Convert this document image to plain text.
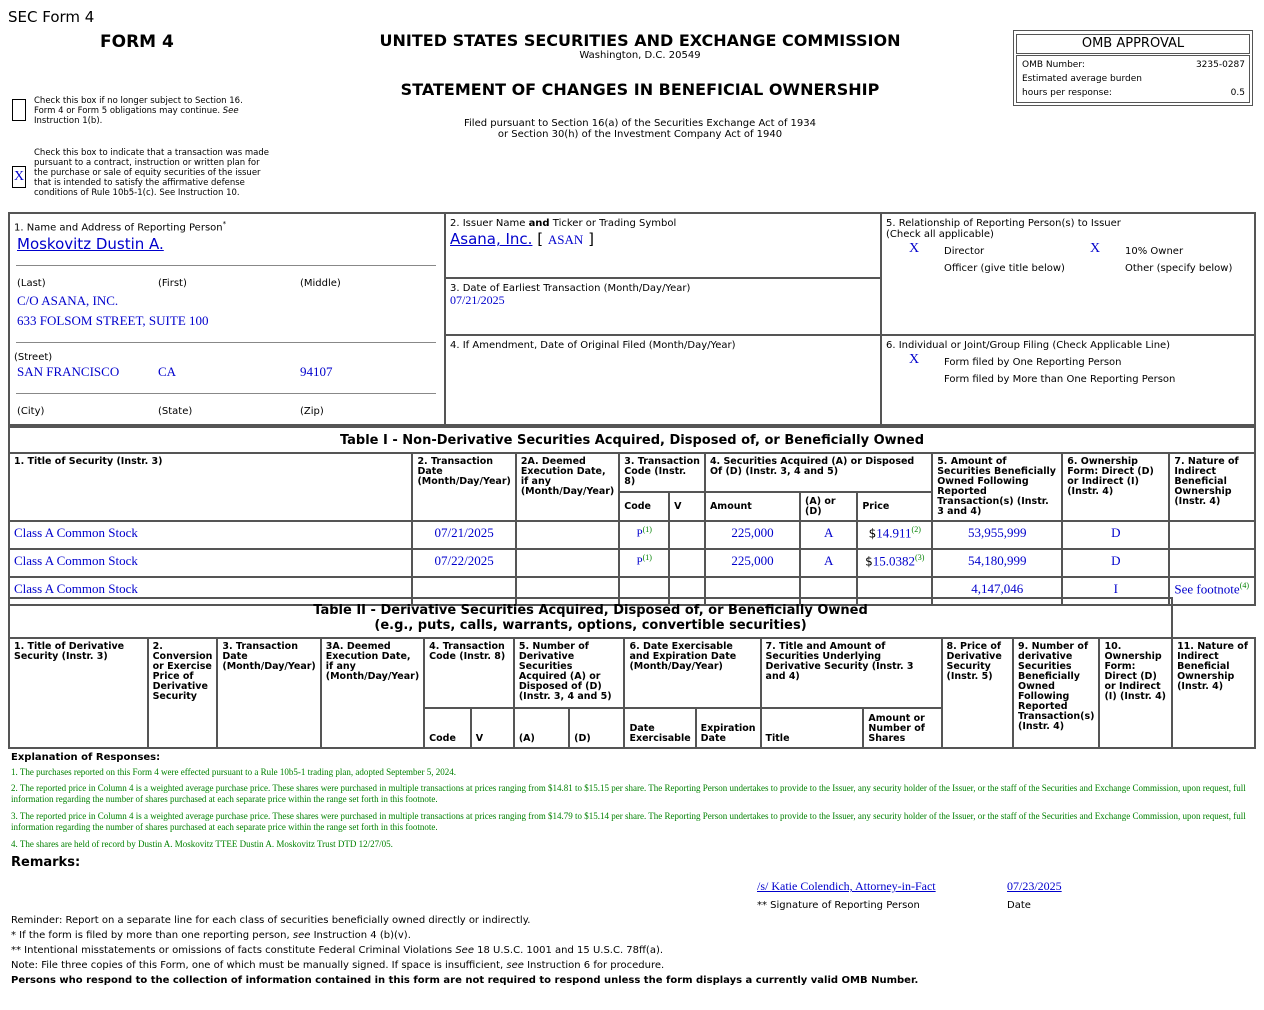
SEC Form 4
FORM 4	UNITED STATES SECURITIES AND EXCHANGE COMMISSION
Washington, D.C. 20549
STATEMENT OF CHANGES IN BENEFICIAL OWNERSHIP
Filed pursuant to Section 16(a) of the Securities Exchange Act of 1934
or Section 30(h) of the Investment Company Act of 1940
OMB APPROVAL
OMB Number:	3235-0287
Estimated average burden
hours per response:	0.5
Check this box if no longer subject to Section 16. Form 4 or Form 5 obligations may continue. See Instruction 1(b).
X
Check this box to indicate that a transaction was made pursuant to a contract, instruction or written plan for the purchase or sale of equity securities of the issuer that is intended to satisfy the affirmative defense conditions of Rule 10b5-1(c). See Instruction 10.
1. Name and Address of Reporting Person*
Moskovitz Dustin A.
(Last)	(First)	(Middle)
C/O ASANA, INC.
633 FOLSOM STREET, SUITE 100
(Street)
SAN FRANCISCO	CA	94107
(City)	(State)	(Zip)
2. Issuer Name and Ticker or Trading Symbol
Asana, Inc. [ ASAN ]
3. Date of Earliest Transaction (Month/Day/Year)
07/21/2025
4. If Amendment, Date of Original Filed (Month/Day/Year)
5. Relationship of Reporting Person(s) to Issuer
(Check all applicable)
X Director	X 10% Owner
Officer (give title below)	Other (specify below)
6. Individual or Joint/Group Filing (Check Applicable Line)
X Form filed by One Reporting Person
Form filed by More than One Reporting Person
Table I - Non-Derivative Securities Acquired, Disposed of, or Beneficially Owned										
1. Title of Security (Instr. 3)	2. Transaction Date (Month/Day/Year)	2A. Deemed Execution Date, if any (Month/Day/Year)	3. Transaction Code (Instr. 8)		4. Securities Acquired (A) or Disposed Of (D) (Instr. 3, 4 and 5)			5. Amount of Securities Beneficially Owned Following Reported Transaction(s) (Instr. 3 and 4)	6. Ownership Form: Direct (D) or Indirect (I) (Instr. 4)	7. Nature of Indirect Beneficial Ownership (Instr. 4)
			Code	V	Amount	(A) or (D)	Price			
Class A Common Stock	07/21/2025		P$^{(1)}$		225,000	A	$14.911$^{(2)}$	53,955,999	D	
Class A Common Stock	07/22/2025		P$^{(1)}$		225,000	A	$15.0382$^{(3)}$	54,180,999	D	
Class A Common Stock								4,147,046	I	See footnote$^{(4)}$
Table II - Derivative Securities Acquired, Disposed of, or Beneficially Owned
(e.g., puts, calls, warrants, options, convertible securities)															

1. Title of Derivative Security (Instr. 3)	2. Conversion or Exercise Price of Derivative Security	3. Transaction Date (Month/Day/Year)	3A. Deemed Execution Date, if any (Month/Day/Year)	4. Transaction Code (Instr. 8)		5. Number of Derivative Securities Acquired (A) or Disposed of (D) (Instr. 3, 4 and 5)		6. Date Exercisable and Expiration Date (Month/Day/Year)		7. Title and Amount of Securities Underlying Derivative Security (Instr. 3 and 4)		8. Price of Derivative Security (Instr. 5)	9. Number of derivative Securities Beneficially Owned Following Reported Transaction(s) (Instr. 4)	10. Ownership Form: Direct (D) or Indirect (I) (Instr. 4)	11. Nature of Indirect Beneficial Ownership (Instr. 4)
				Code	V	(A)	(D)	Date Exercisable	Expiration Date	Title	Amount or Number of Shares				
Explanation of Responses:
1. The purchases reported on this Form 4 were effected pursuant to a Rule 10b5-1 trading plan, adopted September 5, 2024.
2. The reported price in Column 4 is a weighted average purchase price. These shares were purchased in multiple transactions at prices ranging from $14.81 to $15.15 per share. The Reporting Person undertakes to provide to the Issuer, any security holder of the Issuer, or the staff of the Securities and Exchange Commission, upon request, full information regarding the number of shares purchased at each separate price within the range set forth in this footnote.
3. The reported price in Column 4 is a weighted average purchase price. These shares were purchased in multiple transactions at prices ranging from $14.79 to $15.14 per share. The Reporting Person undertakes to provide to the Issuer, any security holder of the Issuer, or the staff of the Securities and Exchange Commission, upon request, full information regarding the number of shares purchased at each separate price within the range set forth in this footnote.
4. The shares are held of record by Dustin A. Moskovitz TTEE Dustin A. Moskovitz Trust DTD 12/27/05.
Remarks:
/s/ Katie Colendich, Attorney-in-Fact	07/23/2025
** Signature of Reporting Person	Date
Reminder: Report on a separate line for each class of securities beneficially owned directly or indirectly.
* If the form is filed by more than one reporting person, see Instruction 4 (b)(v).
** Intentional misstatements or omissions of facts constitute Federal Criminal Violations See 18 U.S.C. 1001 and 15 U.S.C. 78ff(a).
Note: File three copies of this Form, one of which must be manually signed. If space is insufficient, see Instruction 6 for procedure.
Persons who respond to the collection of information contained in this form are not required to respond unless the form displays a currently valid OMB Number.
